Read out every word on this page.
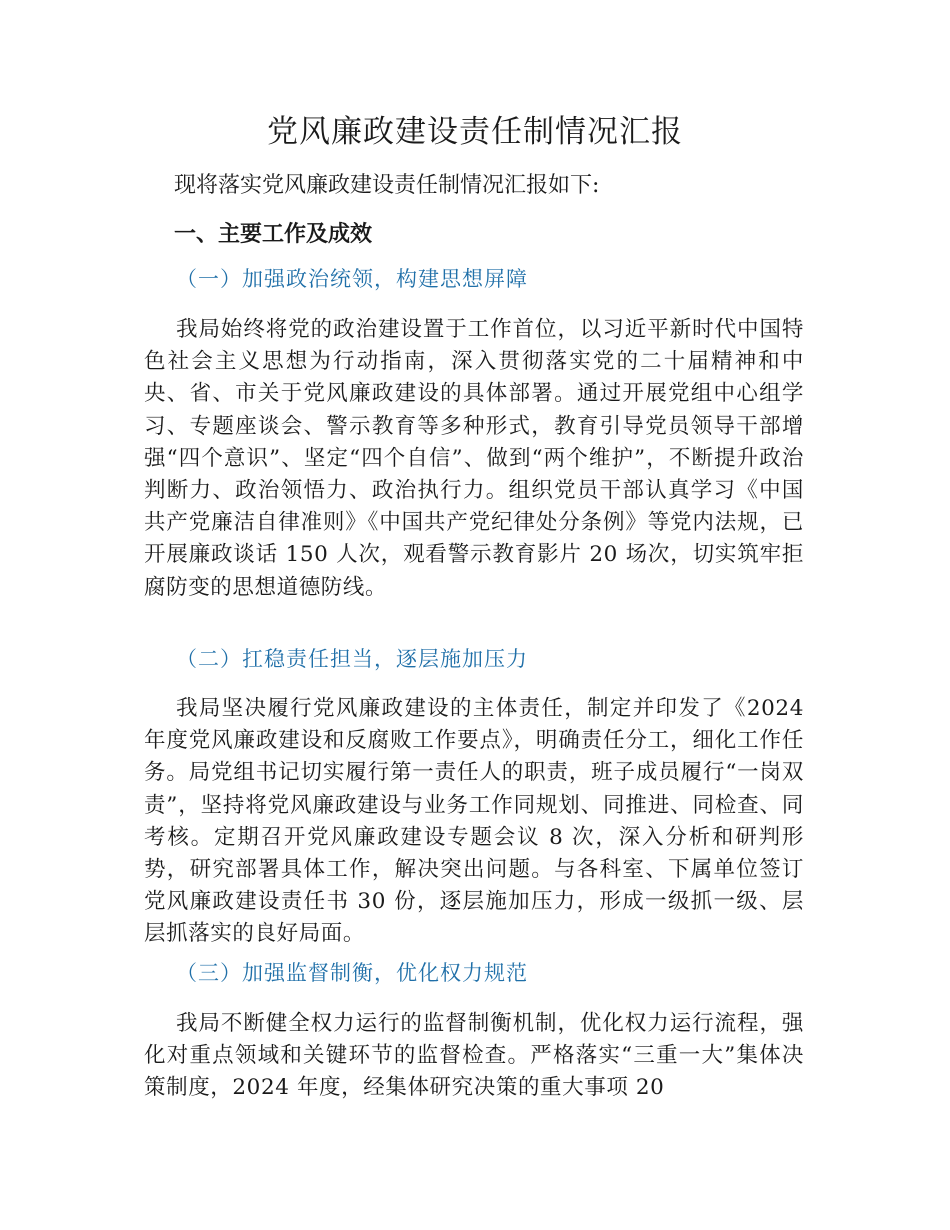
党风廉政建设责任制情况汇报

现将落实党风廉政建设责任制情况汇报如下:

一、主要工作及成效
（一）加强政治统领，构建思想屏障

我局始终将党的政治建设置于工作首位，以习近平新时代中国特色社会主义思想为行动指南，深入贯彻落实党的二十届精神和中央、省、市关于党风廉政建设的具体部署。通过开展党组中心组学习、专题座谈会、警示教育等多种形式，教育引导党员领导干部增强“四个意识”、坚定“四个自信”、做到“两个维护”，不断提升政治判断力、政治领悟力、政治执行力。组织党员干部认真学习《中国共产党廉洁自律准则》《中国共产党纪律处分条例》等党内法规，已开展廉政谈话 150 人次，观看警示教育影片 20 场次，切实筑牢拒腐防变的思想道德防线。

（二）扛稳责任担当，逐层施加压力

我局坚决履行党风廉政建设的主体责任，制定并印发了《2024 年度党风廉政建设和反腐败工作要点》，明确责任分工，细化工作任务。局党组书记切实履行第一责任人的职责，班子成员履行“一岗双责”，坚持将党风廉政建设与业务工作同规划、同推进、同检查、同考核。定期召开党风廉政建设专题会议 8 次，深入分析和研判形势，研究部署具体工作，解决突出问题。与各科室、下属单位签订党风廉政建设责任书 30 份，逐层施加压力，形成一级抓一级、层层抓落实的良好局面。

（三）加强监督制衡，优化权力规范

我局不断健全权力运行的监督制衡机制，优化权力运行流程，强化对重点领域和关键环节的监督检查。严格落实“三重一大”集体决策制度，2024 年度，经集体研究决策的重大事项 20
